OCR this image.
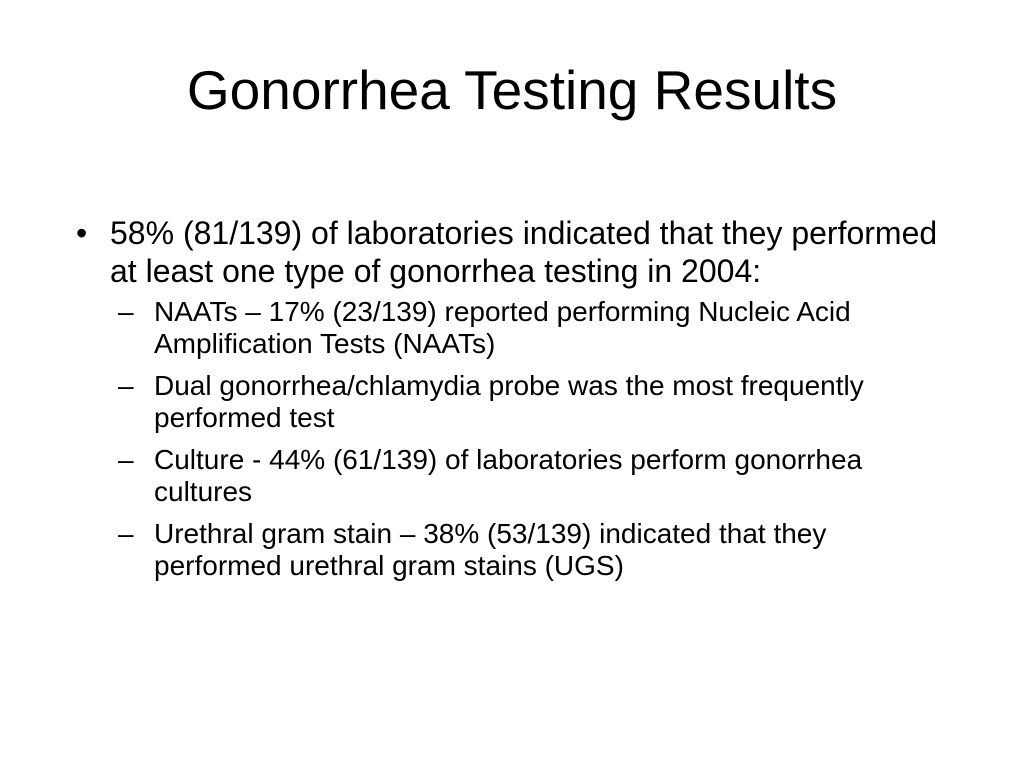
Gonorrhea Testing Results
• 58% (81/139) of laboratories indicated that they performed at least one type of gonorrhea testing in 2004:
– NAATs – 17% (23/139) reported performing Nucleic Acid Amplification Tests (NAATs)
– Dual gonorrhea/chlamydia probe was the most frequently performed test
– Culture - 44% (61/139) of laboratories perform gonorrhea cultures
– Urethral gram stain – 38% (53/139) indicated that they performed urethral gram stains (UGS)
